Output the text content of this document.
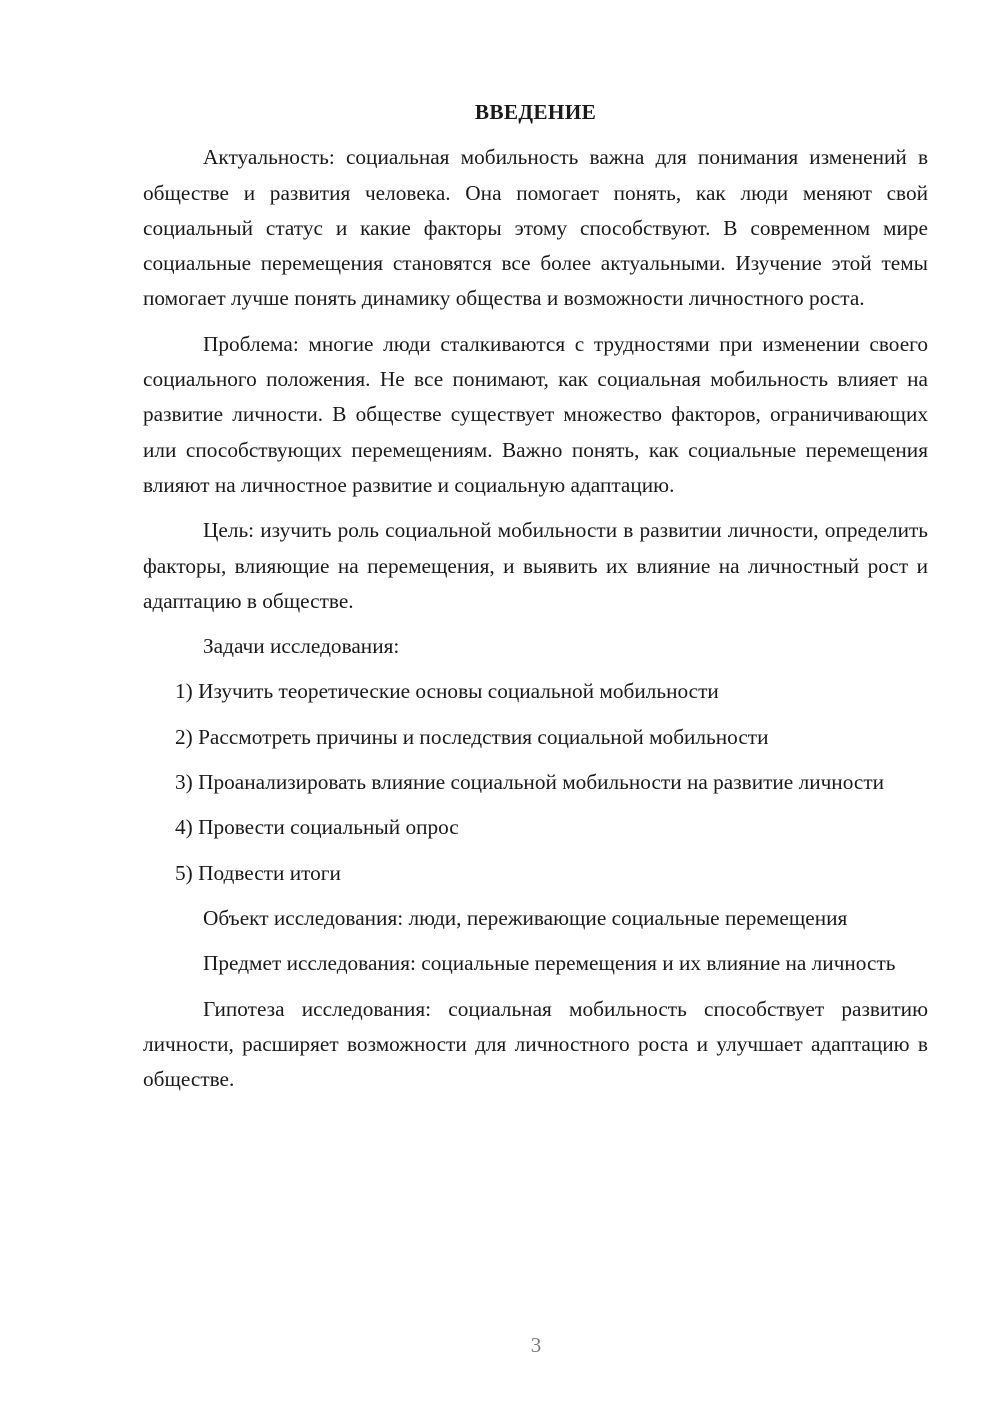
ВВЕДЕНИЕ

Актуальность: социальная мобильность важна для понимания изменений в обществе и развития человека. Она помогает понять, как люди меняют свой социальный статус и какие факторы этому способствуют. В современном мире социальные перемещения становятся все более актуальными. Изучение этой темы помогает лучше понять динамику общества и возможности личностного роста.

Проблема: многие люди сталкиваются с трудностями при изменении своего социального положения. Не все понимают, как социальная мобильность влияет на развитие личности. В обществе существует множество факторов, ограничивающих или способствующих перемещениям. Важно понять, как социальные перемещения влияют на личностное развитие и социальную адаптацию.

Цель: изучить роль социальной мобильности в развитии личности, определить факторы, влияющие на перемещения, и выявить их влияние на личностный рост и адаптацию в обществе.

Задачи исследования:

1) Изучить теоретические основы социальной мобильности

2) Рассмотреть причины и последствия социальной мобильности

3) Проанализировать влияние социальной мобильности на развитие личности

4) Провести социальный опрос

5) Подвести итоги

Объект исследования: люди, переживающие социальные перемещения

Предмет исследования: социальные перемещения и их влияние на личность

Гипотеза исследования: социальная мобильность способствует развитию личности, расширяет возможности для личностного роста и улучшает адаптацию в обществе.

3
